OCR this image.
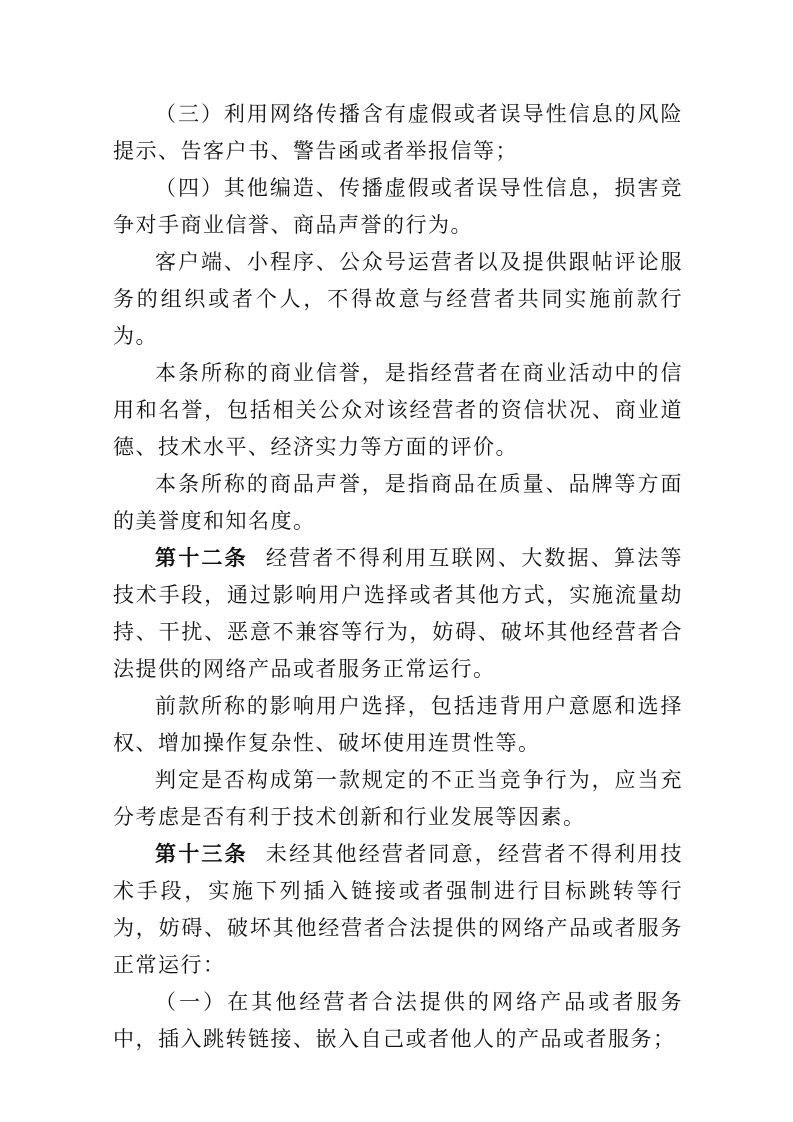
（三）利用网络传播含有虚假或者误导性信息的风险提示、告客户书、警告函或者举报信等；

（四）其他编造、传播虚假或者误导性信息，损害竞争对手商业信誉、商品声誉的行为。

客户端、小程序、公众号运营者以及提供跟帖评论服务的组织或者个人，不得故意与经营者共同实施前款行为。

本条所称的商业信誉，是指经营者在商业活动中的信用和名誉，包括相关公众对该经营者的资信状况、商业道德、技术水平、经济实力等方面的评价。

本条所称的商品声誉，是指商品在质量、品牌等方面的美誉度和知名度。

第十二条 经营者不得利用互联网、大数据、算法等技术手段，通过影响用户选择或者其他方式，实施流量劫持、干扰、恶意不兼容等行为，妨碍、破坏其他经营者合法提供的网络产品或者服务正常运行。

前款所称的影响用户选择，包括违背用户意愿和选择权、增加操作复杂性、破坏使用连贯性等。

判定是否构成第一款规定的不正当竞争行为，应当充分考虑是否有利于技术创新和行业发展等因素。

第十三条 未经其他经营者同意，经营者不得利用技术手段，实施下列插入链接或者强制进行目标跳转等行为，妨碍、破坏其他经营者合法提供的网络产品或者服务正常运行：

（一）在其他经营者合法提供的网络产品或者服务中，插入跳转链接、嵌入自己或者他人的产品或者服务；
